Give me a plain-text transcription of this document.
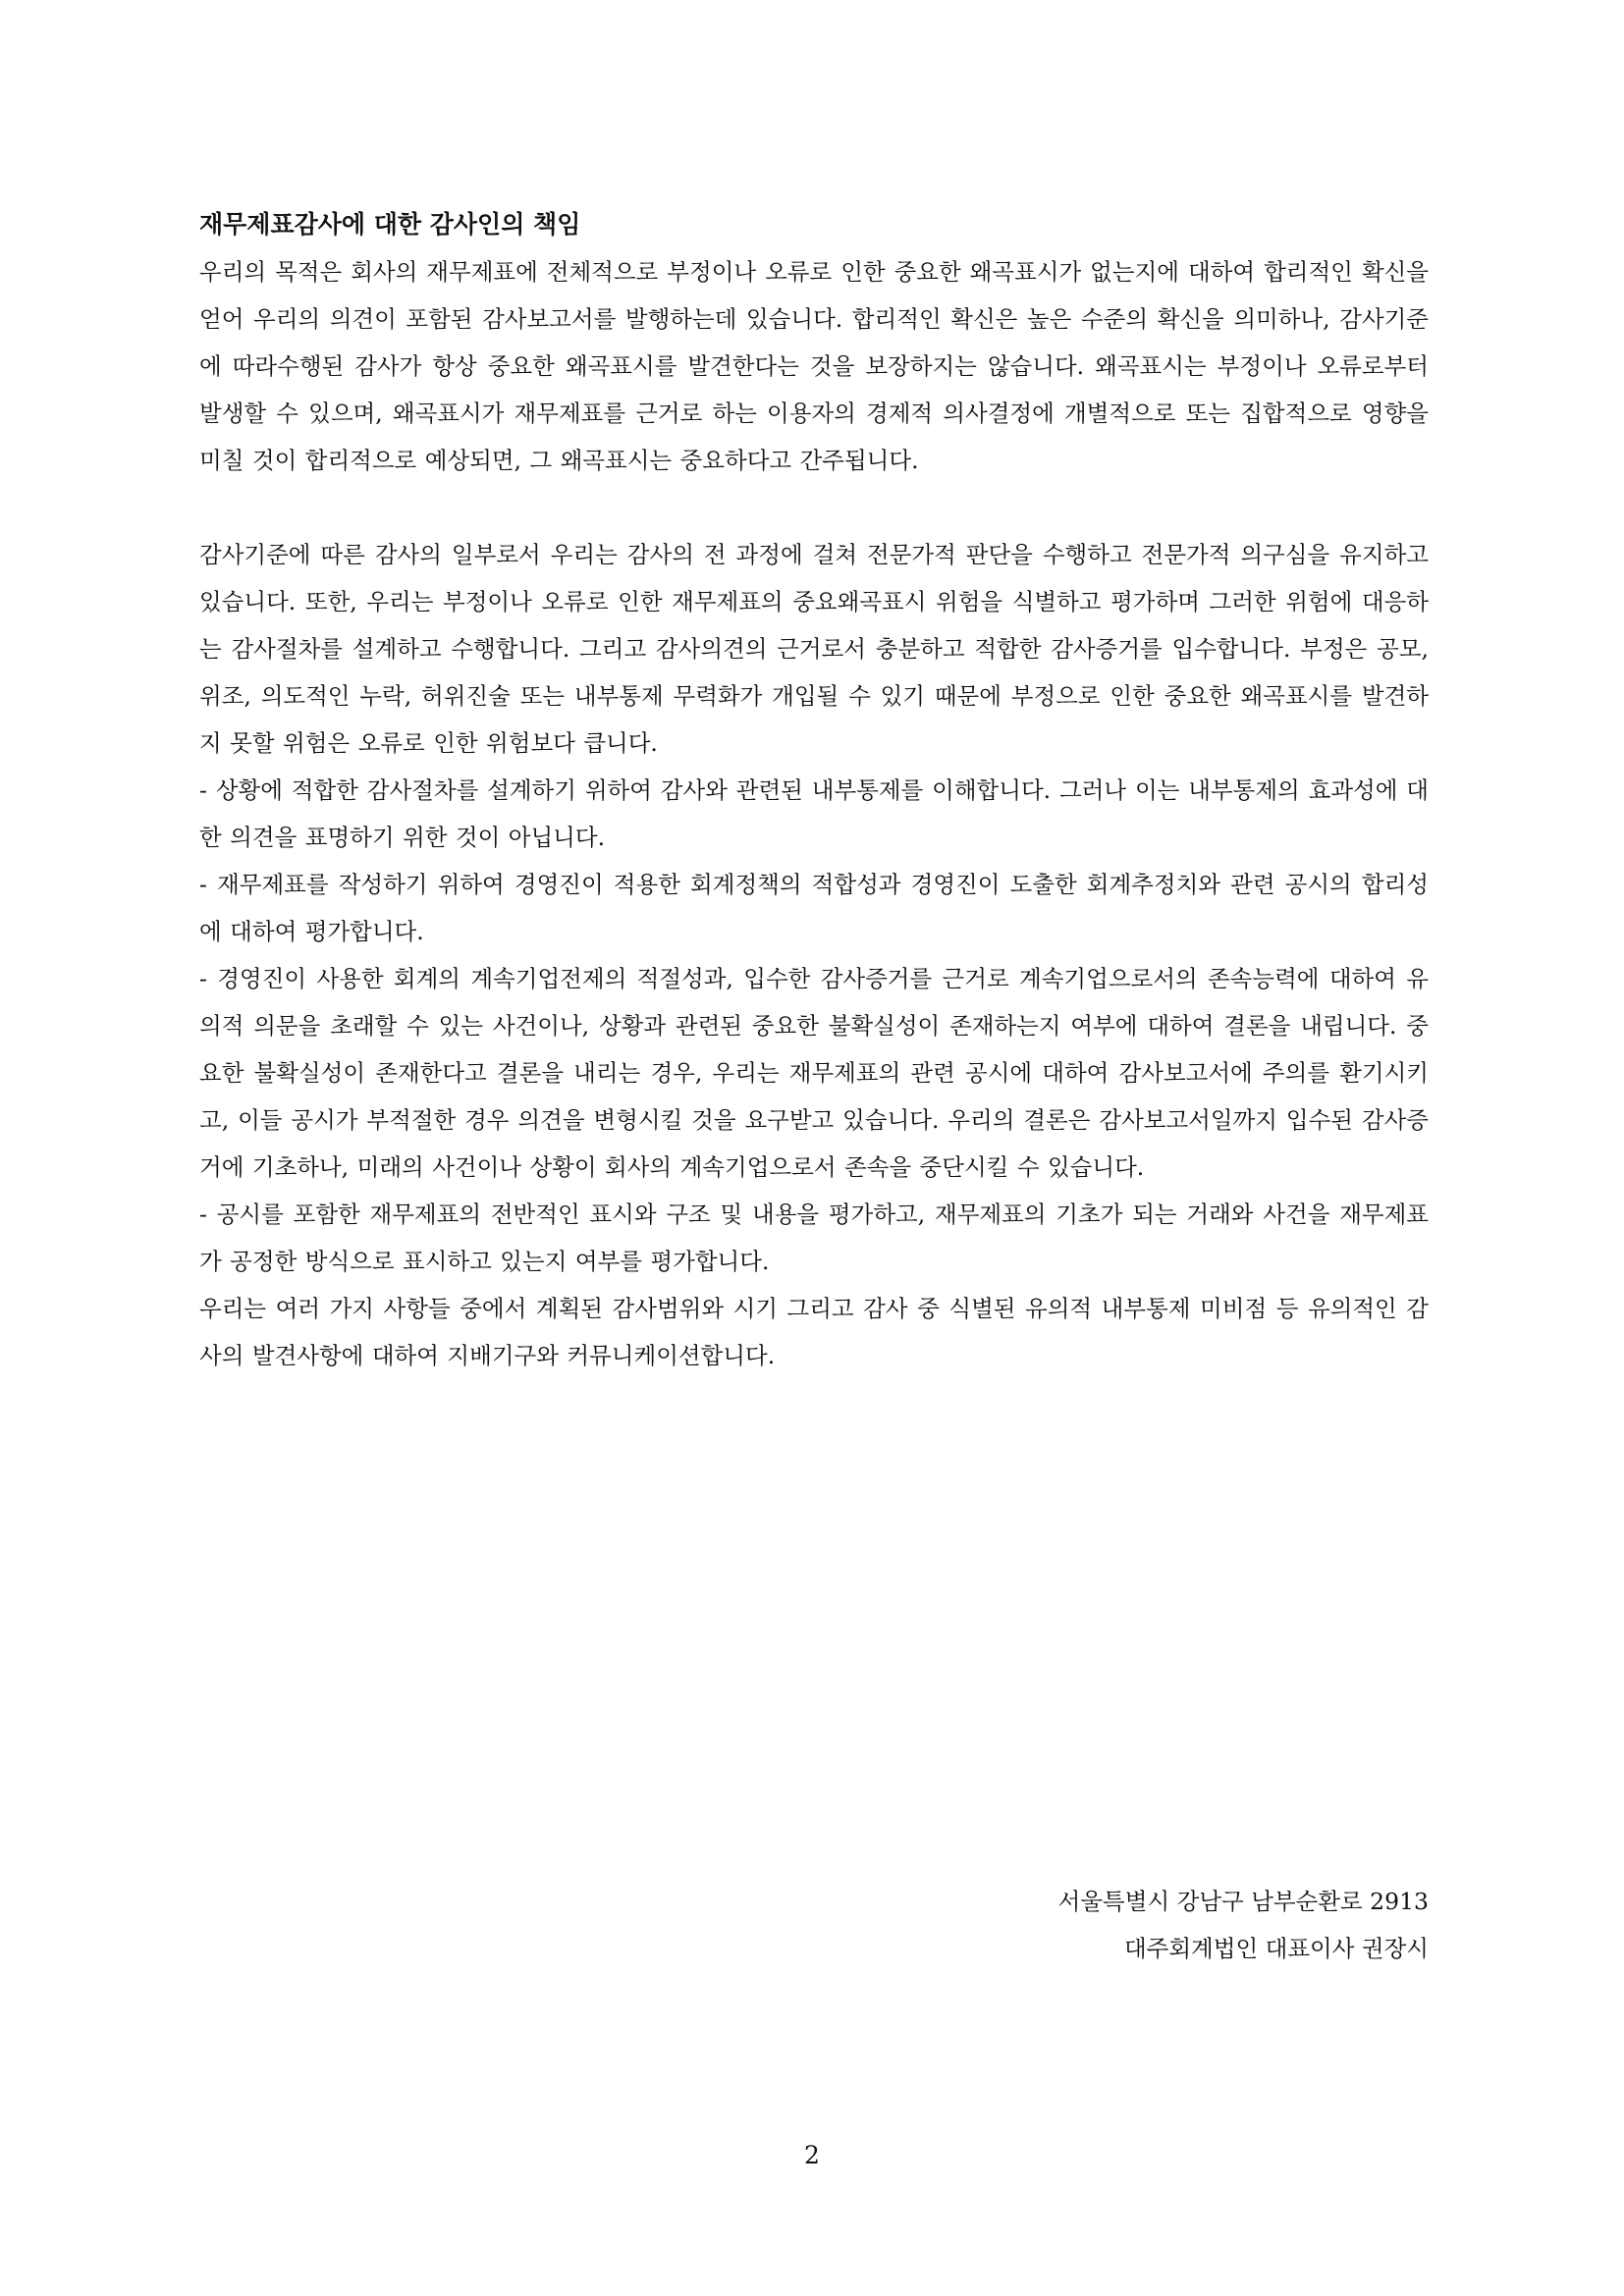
재무제표감사에 대한 감사인의 책임

우리의 목적은 회사의 재무제표에 전체적으로 부정이나 오류로 인한 중요한 왜곡표시가 없는지에 대하여 합리적인 확신을 얻어 우리의 의견이 포함된 감사보고서를 발행하는데 있습니다. 합리적인 확신은 높은 수준의 확신을 의미하나, 감사기준에 따라수행된 감사가 항상 중요한 왜곡표시를 발견한다는 것을 보장하지는 않습니다. 왜곡표시는 부정이나 오류로부터 발생할 수 있으며, 왜곡표시가 재무제표를 근거로 하는 이용자의 경제적 의사결정에 개별적으로 또는 집합적으로 영향을 미칠 것이 합리적으로 예상되면, 그 왜곡표시는 중요하다고 간주됩니다.

감사기준에 따른 감사의 일부로서 우리는 감사의 전 과정에 걸쳐 전문가적 판단을 수행하고 전문가적 의구심을 유지하고 있습니다. 또한, 우리는 부정이나 오류로 인한 재무제표의 중요왜곡표시 위험을 식별하고 평가하며 그러한 위험에 대응하는 감사절차를 설계하고 수행합니다. 그리고 감사의견의 근거로서 충분하고 적합한 감사증거를 입수합니다. 부정은 공모, 위조, 의도적인 누락, 허위진술 또는 내부통제 무력화가 개입될 수 있기 때문에 부정으로 인한 중요한 왜곡표시를 발견하지 못할 위험은 오류로 인한 위험보다 큽니다.

- 상황에 적합한 감사절차를 설계하기 위하여 감사와 관련된 내부통제를 이해합니다. 그러나 이는 내부통제의 효과성에 대한 의견을 표명하기 위한 것이 아닙니다.

- 재무제표를 작성하기 위하여 경영진이 적용한 회계정책의 적합성과 경영진이 도출한 회계추정치와 관련 공시의 합리성에 대하여 평가합니다.

- 경영진이 사용한 회계의 계속기업전제의 적절성과, 입수한 감사증거를 근거로 계속기업으로서의 존속능력에 대하여 유의적 의문을 초래할 수 있는 사건이나, 상황과 관련된 중요한 불확실성이 존재하는지 여부에 대하여 결론을 내립니다. 중요한 불확실성이 존재한다고 결론을 내리는 경우, 우리는 재무제표의 관련 공시에 대하여 감사보고서에 주의를 환기시키고, 이들 공시가 부적절한 경우 의견을 변형시킬 것을 요구받고 있습니다. 우리의 결론은 감사보고서일까지 입수된 감사증거에 기초하나, 미래의 사건이나 상황이 회사의 계속기업으로서 존속을 중단시킬 수 있습니다.

- 공시를 포함한 재무제표의 전반적인 표시와 구조 및 내용을 평가하고, 재무제표의 기초가 되는 거래와 사건을 재무제표가 공정한 방식으로 표시하고 있는지 여부를 평가합니다.

우리는 여러 가지 사항들 중에서 계획된 감사범위와 시기 그리고 감사 중 식별된 유의적 내부통제 미비점 등 유의적인 감사의 발견사항에 대하여 지배기구와 커뮤니케이션합니다.

서울특별시 강남구 남부순환로 2913
대주회계법인 대표이사 권장시
2
